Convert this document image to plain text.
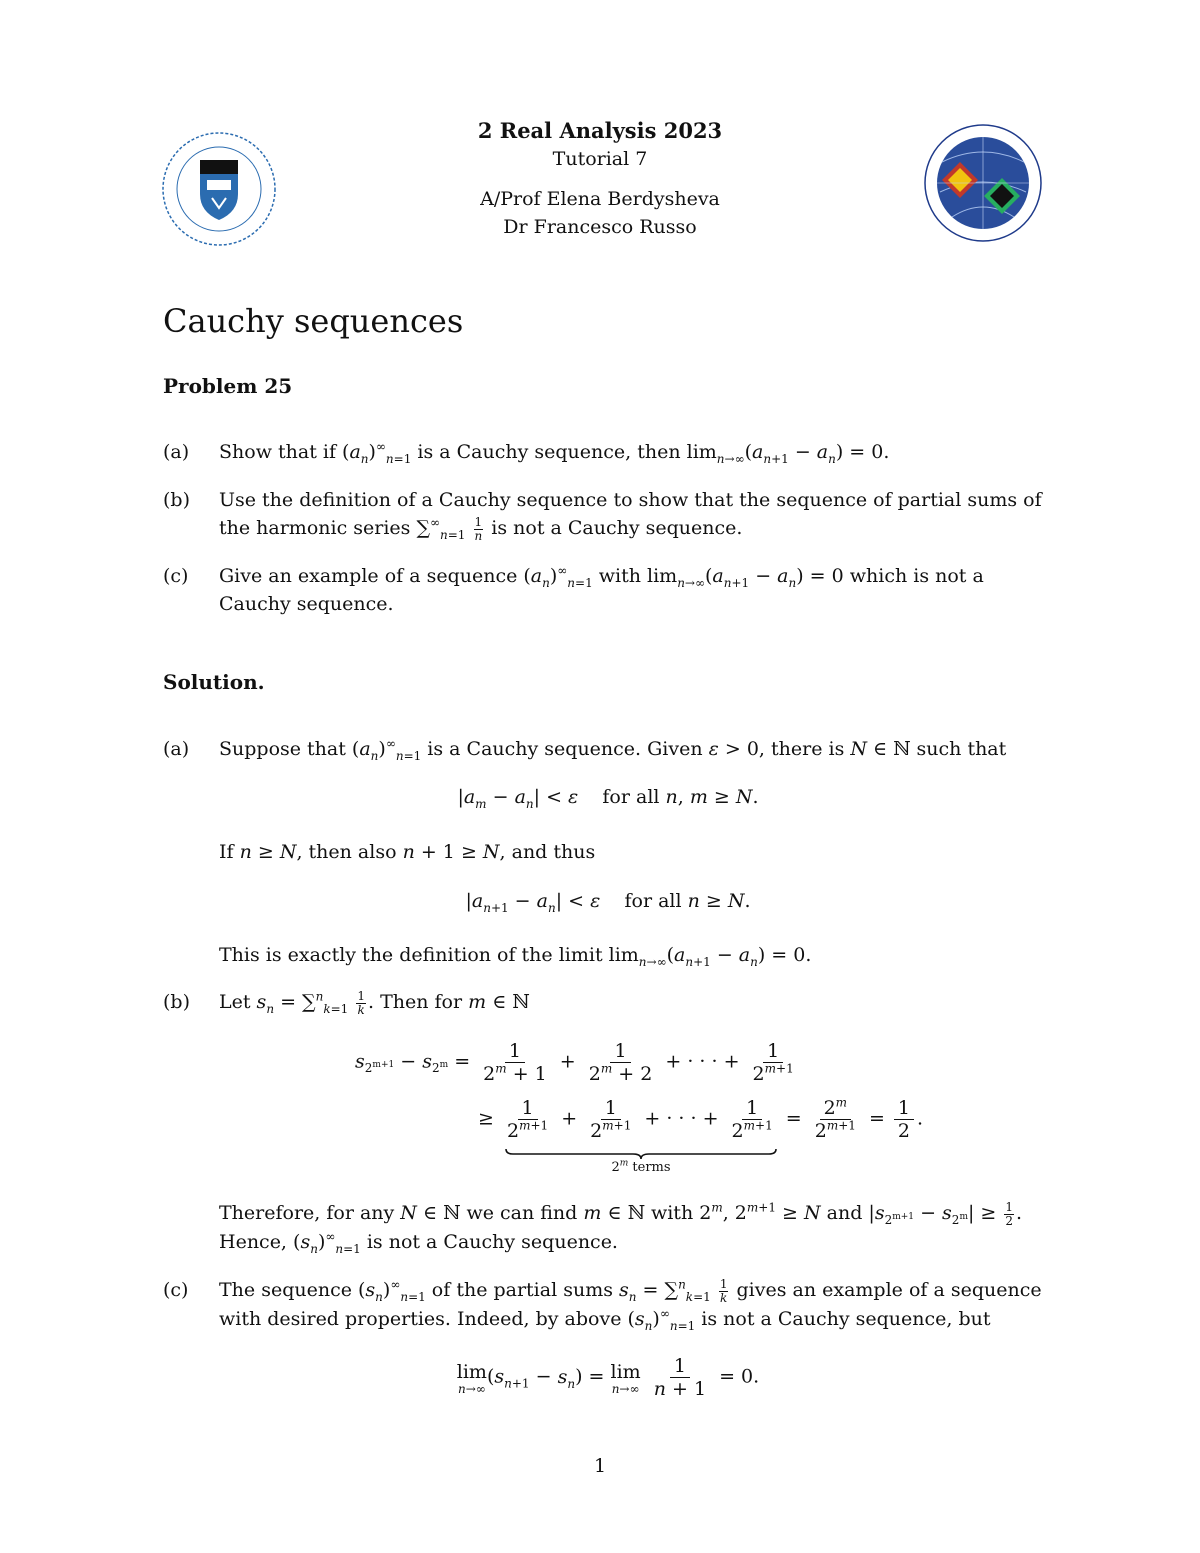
2 Real Analysis 2023
Tutorial 7
A/Prof Elena Berdysheva
Dr Francesco Russo
Cauchy sequences
Problem 25
(a) Show that if $(a_n)^\infty_{n=1}$ is a Cauchy sequence, then $\lim_{n\to\infty}(a_{n+1} - a_n) = 0$.
(b) Use the definition of a Cauchy sequence to show that the sequence of partial sums of the harmonic series $\sum^\infty_{n=1} \frac{1}{n}$ is not a Cauchy sequence.
(c) Give an example of a sequence $(a_n)^\infty_{n=1}$ with $\lim_{n\to\infty}(a_{n+1} - a_n) = 0$ which is not a Cauchy sequence.
Solution.
(a) Suppose that $(a_n)^\infty_{n=1}$ is a Cauchy sequence. Given ε > 0, there is N ∈ ℕ such that
$|a_m - a_n| < \varepsilon$    for all n, m ≥ N.
If n ≥ N, then also n + 1 ≥ N, and thus
$|a_{n+1} - a_n| < \varepsilon$    for all n ≥ N.
This is exactly the definition of the limit $\lim_{n\to\infty}(a_{n+1} - a_n) = 0$.
(b) Let $s_n = \sum^n_{k=1} \frac{1}{k}$ . Then for m ∈ ℕ
$s_{2^{m+1}} - s_{2^m} = \frac{1}{2^m + 1} + \frac{1}{2^m + 2}$ + · · · + $\frac{1}{2^{m+1}}$
≥ $\frac{1}{2^{m+1}} + \frac{1}{2^{m+1}}$ + · · · + $\frac{1}{2^{m+1}} = \frac{2^m}{2^{m+1}} = \frac{1}{2}$ .
2$^m$ terms
Therefore, for any N ∈ ℕ we can find m ∈ ℕ with 2$^m$, $2^{m+1} \ge N$ and $|s_{2^{m+1}} - s_{2^m}| \ge \frac{1}{2}$ . Hence, $(s_n)^\infty_{n=1}$ is not a Cauchy sequence.
(c) The sequence $(s_n)^\infty_{n=1}$ of the partial sums $s_n = \sum^n_{k=1} \frac{1}{k}$ gives an example of a sequence with desired properties. Indeed, by above $(s_n)^\infty_{n=1}$ is not a Cauchy sequence, but
lim
n→∞
$(s_{n+1} - s_n) = \lim$
n→∞
$\frac{1}{n + 1} = 0$.
1
